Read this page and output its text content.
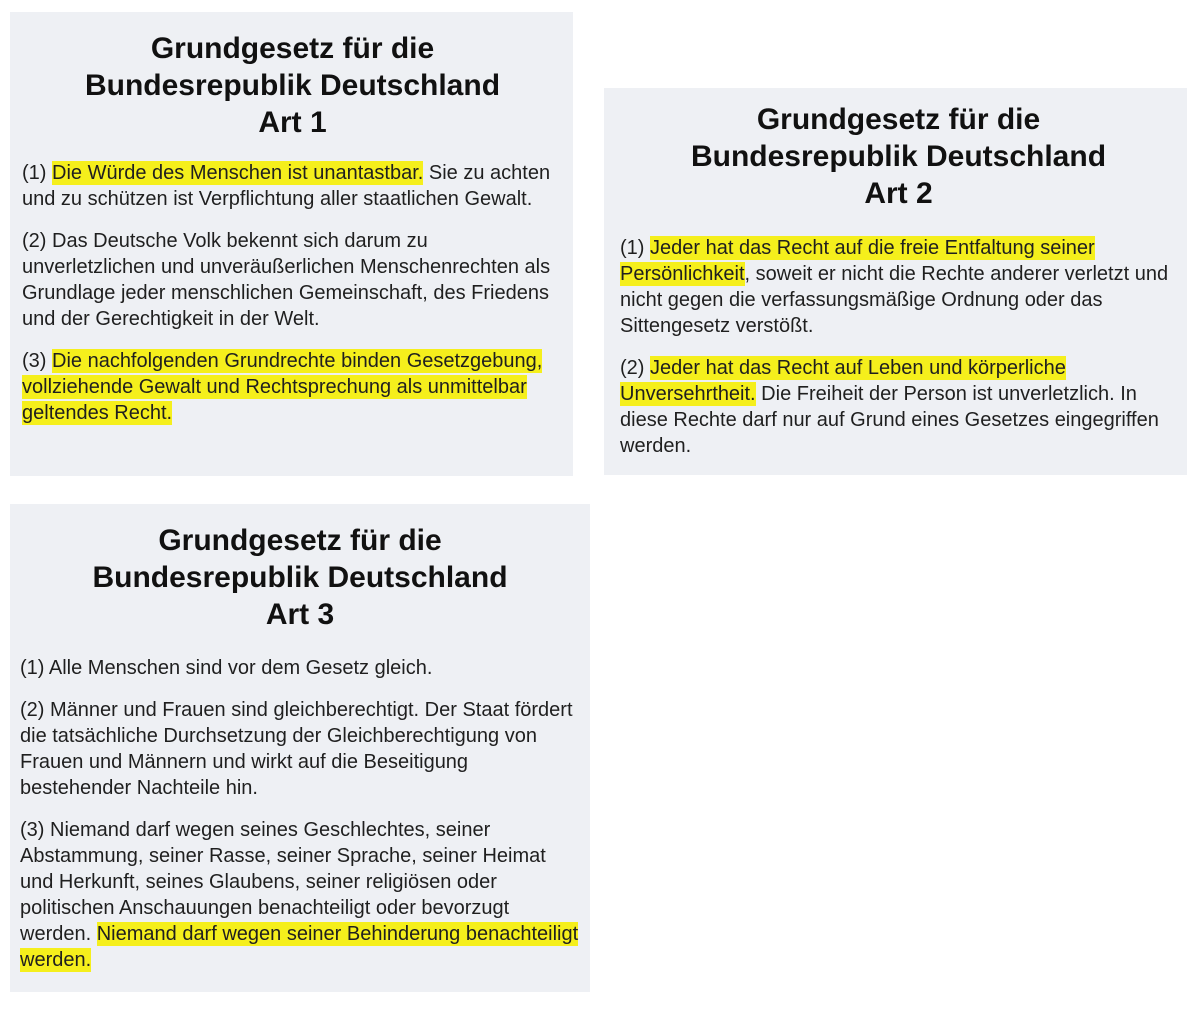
Grundgesetz für die
Bundesrepublik Deutschland
Art 1

(1) Die Würde des Menschen ist unantastbar. Sie zu achten und zu schützen ist Verpflichtung aller staatlichen Gewalt.

(2) Das Deutsche Volk bekennt sich darum zu unverletzlichen und unveräußerlichen Menschenrechten als Grundlage jeder menschlichen Gemeinschaft, des Friedens und der Gerechtigkeit in der Welt.

(3) Die nachfolgenden Grundrechte binden Gesetzgebung, vollziehende Gewalt und Rechtsprechung als unmittelbar geltendes Recht.

Grundgesetz für die
Bundesrepublik Deutschland
Art 2

(1) Jeder hat das Recht auf die freie Entfaltung seiner Persönlichkeit, soweit er nicht die Rechte anderer verletzt und nicht gegen die verfassungsmäßige Ordnung oder das Sittengesetz verstößt.

(2) Jeder hat das Recht auf Leben und körperliche Unversehrtheit. Die Freiheit der Person ist unverletzlich. In diese Rechte darf nur auf Grund eines Gesetzes eingegriffen werden.

Grundgesetz für die
Bundesrepublik Deutschland
Art 3

(1) Alle Menschen sind vor dem Gesetz gleich.

(2) Männer und Frauen sind gleichberechtigt. Der Staat fördert die tatsächliche Durchsetzung der Gleichberechtigung von Frauen und Männern und wirkt auf die Beseitigung bestehender Nachteile hin.

(3) Niemand darf wegen seines Geschlechtes, seiner Abstammung, seiner Rasse, seiner Sprache, seiner Heimat und Herkunft, seines Glaubens, seiner religiösen oder politischen Anschauungen benachteiligt oder bevorzugt werden. Niemand darf wegen seiner Behinderung benachteiligt werden.
